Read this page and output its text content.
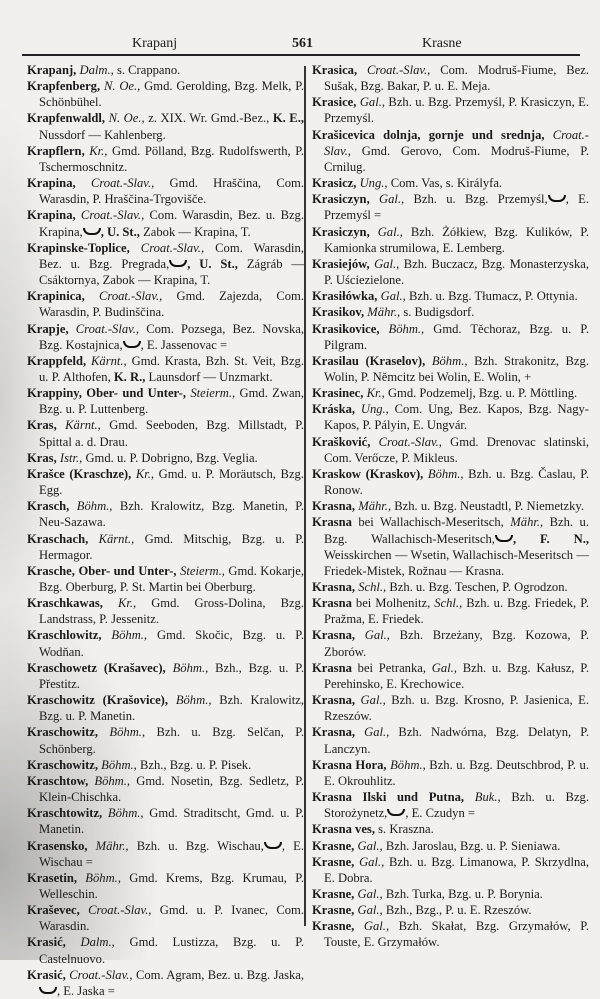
Krapanj	561	Krasne

Krapanj, Dalm., s. Crappano.

Krapfenberg, N. Oe., Gmd. Gerolding, Bzg. Melk, P. Schönbühel.

Krapfenwaldl, N. Oe., z. XIX. Wr. Gmd.-Bez., K. E., Nussdorf — Kahlenberg.

Krapflern, Kr., Gmd. Pölland, Bzg. Rudolfswerth, P. Tschermoschnitz.

Krapina, Croat.-Slav., Gmd. Hraščina, Com. Warasdin, P. Hraščina-Trgovišče.

Krapina, Croat.-Slav., Com. Warasdin, Bez. u. Bzg. Krapina, , U. St., Zabok — Krapina, T.

Krapinske-Toplice, Croat.-Slav., Com. Warasdin, Bez. u. Bzg. Pregrada, , U. St., Zágráb — Csáktornya, Zabok — Krapina, T.

Krapinica, Croat.-Slav., Gmd. Zajezda, Com. Warasdin, P. Budinščina.

Krapje, Croat.-Slav., Com. Pozsega, Bez. Novska, Bzg. Kostajnica, , E. Jassenovac =

Krappfeld, Kärnt., Gmd. Krasta, Bzh. St. Veit, Bzg. u. P. Althofen, K. R., Launsdorf — Unzmarkt.

Krappiny, Ober- und Unter-, Steierm., Gmd. Zwan, Bzg. u. P. Luttenberg.

Kras, Kärnt., Gmd. Seeboden, Bzg. Millstadt, P. Spittal a. d. Drau.

Kras, Istr., Gmd. u. P. Dobrigno, Bzg. Veglia.

Krašce (Kraschze), Kr., Gmd. u. P. Moräutsch, Bzg. Egg.

Krasch, Böhm., Bzh. Kralowitz, Bzg. Manetin, P. Neu-Sazawa.

Kraschach, Kärnt., Gmd. Mitschig, Bzg. u. P. Hermagor.

Krasche, Ober- und Unter-, Steierm., Gmd. Kokarje, Bzg. Oberburg, P. St. Martin bei Oberburg.

Kraschkawas, Kr., Gmd. Gross-Dolina, Bzg. Landstrass, P. Jessenitz.

Kraschlowitz, Böhm., Gmd. Skočic, Bzg. u. P. Wodňan.

Kraschowetz (Krašavec), Böhm., Bzh., Bzg. u. P. Přestitz.

Kraschowitz (Krašovice), Böhm., Bzh. Kralowitz, Bzg. u. P. Manetin.

Kraschowitz, Böhm., Bzh. u. Bzg. Selčan, P. Schönberg.

Kraschowitz, Böhm., Bzh., Bzg. u. P. Pisek.

Kraschtow, Böhm., Gmd. Nosetin, Bzg. Sedletz, P. Klein-Chischka.

Kraschtowitz, Böhm., Gmd. Straditscht, Gmd. u. P. Manetin.

Krasensko, Mähr., Bzh. u. Bzg. Wischau, , E. Wischau =

Krasetin, Böhm., Gmd. Krems, Bzg. Krumau, P. Welleschin.

Kraševec, Croat.-Slav., Gmd. u. P. Ivanec, Com. Warasdin.

Krasić, Dalm., Gmd. Lustizza, Bzg. u. P. Castelnuovo.

Krasić, Croat.-Slav., Com. Agram, Bez. u. Bzg. Jaska,, E. Jaska =

Krasica, Croat.-Slav., Com. Modruš-Fiume, Bez. Sušak, Bzg. Bakar, P. u. E. Meja.

Krasice, Gal., Bzh. u. Bzg. Przemyśl, P. Krasiczyn, E. Przemyśl.

Krašicevica dolnja, gornje und srednja, Croat.-Slav., Gmd. Gerovo, Com. Modruš-Fiume, P. Crnilug.

Krasicz, Ung., Com. Vas, s. Királyfa.

Krasiczyn, Gal., Bzh. u. Bzg. Przemyśl, , E. Przemyśl =

Krasiczyn, Gal., Bzh. Żółkiew, Bzg. Kulików, P. Kamionka strumilowa, E. Lemberg.

Krasiejów, Gal., Bzh. Buczacz, Bzg. Monasterzyska, P. Uściezielone.

Krasiłówka, Gal., Bzh. u. Bzg. Tłumacz, P. Ottynia.

Krasikov, Mähr., s. Budigsdorf.

Krasikovice, Böhm., Gmd. Těchoraz, Bzg. u. P. Pilgram.

Krasilau (Kraselov), Böhm., Bzh. Strakonitz, Bzg. Wolin, P. Němcitz bei Wolin, E. Wolin, +

Krasinec, Kr., Gmd. Podzemelj, Bzg. u. P. Möttling.

Kráska, Ung., Com. Ung, Bez. Kapos, Bzg. Nagy-Kapos, P. Pályin, E. Ungvár.

Krašković, Croat.-Slav., Gmd. Drenovac slatinski, Com. Verőcze, P. Mikleus.

Kraskow (Kraskov), Böhm., Bzh. u. Bzg. Časlau, P. Ronow.

Krasna, Mähr., Bzh. u. Bzg. Neustadtl, P. Niemetzky.

Krasna bei Wallachisch-Meseritsch, Mähr., Bzh. u. Bzg. Wallachisch-Meseritsch, , F. N., Weisskirchen — Wsetin, Wallachisch-Meseritsch — Friedek-Mistek, Rožnau — Krasna.

Krasna, Schl., Bzh. u. Bzg. Teschen, P. Ogrodzon.

Krasna bei Molhenitz, Schl., Bzh. u. Bzg. Friedek, P. Pražma, E. Friedek.

Krasna, Gal., Bzh. Brzeżany, Bzg. Kozowa, P. Zborów.

Krasna bei Petranka, Gal., Bzh. u. Bzg. Kałusz, P. Perehinsko, E. Krechowice.

Krasna, Gal., Bzh. u. Bzg. Krosno, P. Jasienica, E. Rzeszów.

Krasna, Gal., Bzh. Nadwórna, Bzg. Delatyn, P. Lanczyn.

Krasna Hora, Böhm., Bzh. u. Bzg. Deutschbrod, P. u. E. Okrouhlitz.

Krasna Ilski und Putna, Buk., Bzh. u. Bzg. Storożynetz, , E. Czudyn =

Krasna ves, s. Kraszna.

Krasne, Gal., Bzh. Jaroslau, Bzg. u. P. Sieniawa.

Krasne, Gal., Bzh. u. Bzg. Limanowa, P. Skrzydlna, E. Dobra.

Krasne, Gal., Bzh. Turka, Bzg. u. P. Borynia.

Krasne, Gal., Bzh., Bzg., P. u. E. Rzeszów.

Krasne, Gal., Bzh. Skałat, Bzg. Grzymałów, P. Touste, E. Grzymałów.
